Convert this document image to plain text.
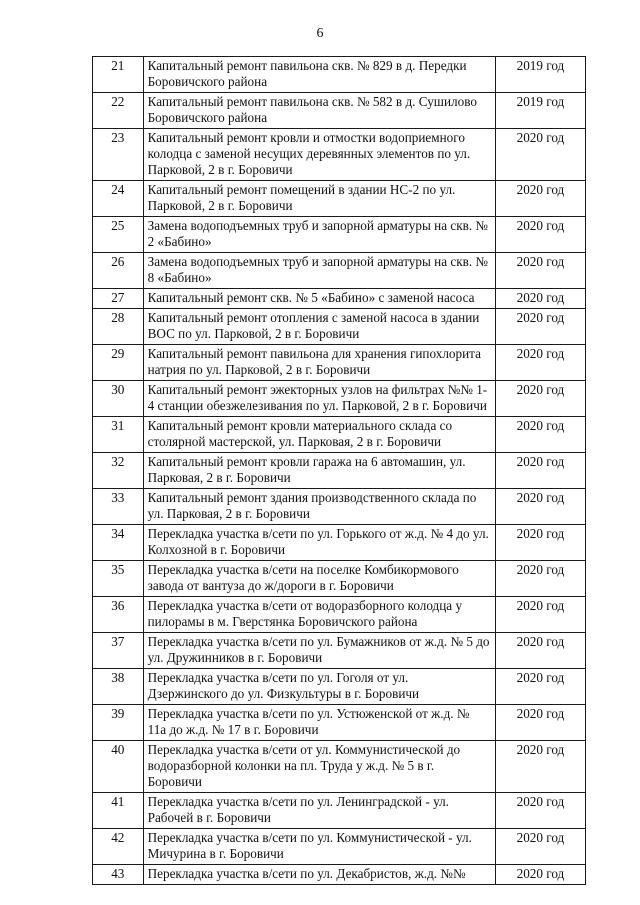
6
21	Капитальный ремонт павильона скв. № 829 в д. Передки Боровичского района	2019 год
22	Капитальный ремонт павильона скв. № 582 в д. Сушилово Боровичского района	2019 год
23	Капитальный ремонт кровли и отмостки водоприемного колодца с заменой несущих деревянных элементов по ул. Парковой, 2 в г. Боровичи	2020 год
24	Капитальный ремонт помещений в здании НС-2 по ул. Парковой, 2 в г. Боровичи	2020 год
25	Замена водоподъемных труб и запорной арматуры на скв. № 2 «Бабино»	2020 год
26	Замена водоподъемных труб и запорной арматуры на скв. № 8 «Бабино»	2020 год
27	Капитальный ремонт скв. № 5 «Бабино» с заменой насоса	2020 год
28	Капитальный ремонт отопления с заменой насоса в здании ВОС по ул. Парковой, 2 в г. Боровичи	2020 год
29	Капитальный ремонт павильона для хранения гипохлорита натрия по ул. Парковой, 2 в г. Боровичи	2020 год
30	Капитальный ремонт эжекторных узлов на фильтрах №№ 1-4 станции обезжелезивания по ул. Парковой, 2 в г. Боровичи	2020 год
31	Капитальный ремонт кровли материального склада со столярной мастерской, ул. Парковая, 2 в г. Боровичи	2020 год
32	Капитальный ремонт кровли гаража на 6 автомашин, ул. Парковая, 2 в г. Боровичи	2020 год
33	Капитальный ремонт здания производственного склада по ул. Парковая, 2 в г. Боровичи	2020 год
34	Перекладка участка в/сети по ул. Горького от ж.д. № 4 до ул. Колхозной в г. Боровичи	2020 год
35	Перекладка участка в/сети на поселке Комбикормового завода от вантуза до ж/дороги в г. Боровичи	2020 год
36	Перекладка участка в/сети от водоразборного колодца у пилорамы в м. Гверстянка Боровичского района	2020 год
37	Перекладка участка в/сети по ул. Бумажников от ж.д. № 5 до ул. Дружинников в г. Боровичи	2020 год
38	Перекладка участка в/сети по ул. Гоголя от ул. Дзержинского до ул. Физкультуры в г. Боровичи	2020 год
39	Перекладка участка в/сети по ул. Устюженской от ж.д. № 11а до ж.д. № 17 в г. Боровичи	2020 год
40	Перекладка участка в/сети от ул. Коммунистической до водоразборной колонки на пл. Труда у ж.д. № 5 в г. Боровичи	2020 год
41	Перекладка участка в/сети по ул. Ленинградской - ул. Рабочей в г. Боровичи	2020 год
42	Перекладка участка в/сети по ул. Коммунистической - ул. Мичурина в г. Боровичи	2020 год
43	Перекладка участка в/сети по ул. Декабристов, ж.д. №№	2020 год
